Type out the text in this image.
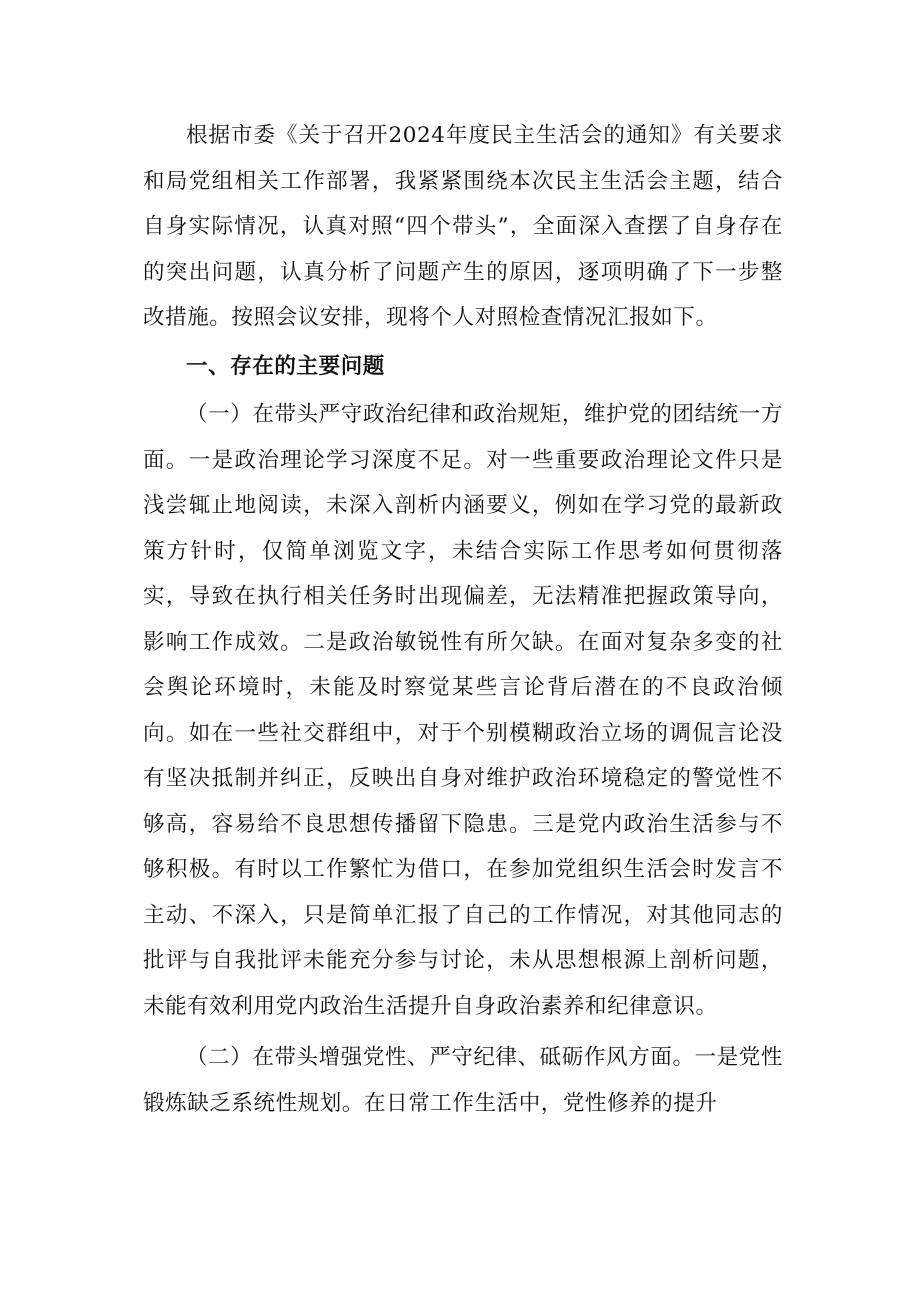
根据市委《关于召开2024年度民主生活会的通知》有关要求和局党组相关工作部署，我紧紧围绕本次民主生活会主题，结合自身实际情况，认真对照“四个带头”，全面深入查摆了自身存在的突出问题，认真分析了问题产生的原因，逐项明确了下一步整改措施。按照会议安排，现将个人对照检查情况汇报如下。

一、存在的主要问题

（一）在带头严守政治纪律和政治规矩，维护党的团结统一方面。一是政治理论学习深度不足。对一些重要政治理论文件只是浅尝辄止地阅读，未深入剖析内涵要义，例如在学习党的最新政策方针时，仅简单浏览文字，未结合实际工作思考如何贯彻落实，导致在执行相关任务时出现偏差，无法精准把握政策导向，影响工作成效。二是政治敏锐性有所欠缺。在面对复杂多变的社会舆论环境时，未能及时察觉某些言论背后潜在的不良政治倾向。如在一些社交群组中，对于个别模糊政治立场的调侃言论没有坚决抵制并纠正，反映出自身对维护政治环境稳定的警觉性不够高，容易给不良思想传播留下隐患。三是党内政治生活参与不够积极。有时以工作繁忙为借口，在参加党组织生活会时发言不主动、不深入，只是简单汇报了自己的工作情况，对其他同志的批评与自我批评未能充分参与讨论，未从思想根源上剖析问题，未能有效利用党内政治生活提升自身政治素养和纪律意识。

（二）在带头增强党性、严守纪律、砥砺作风方面。一是党性锻炼缺乏系统性规划。在日常工作生活中，党性修养的提升
